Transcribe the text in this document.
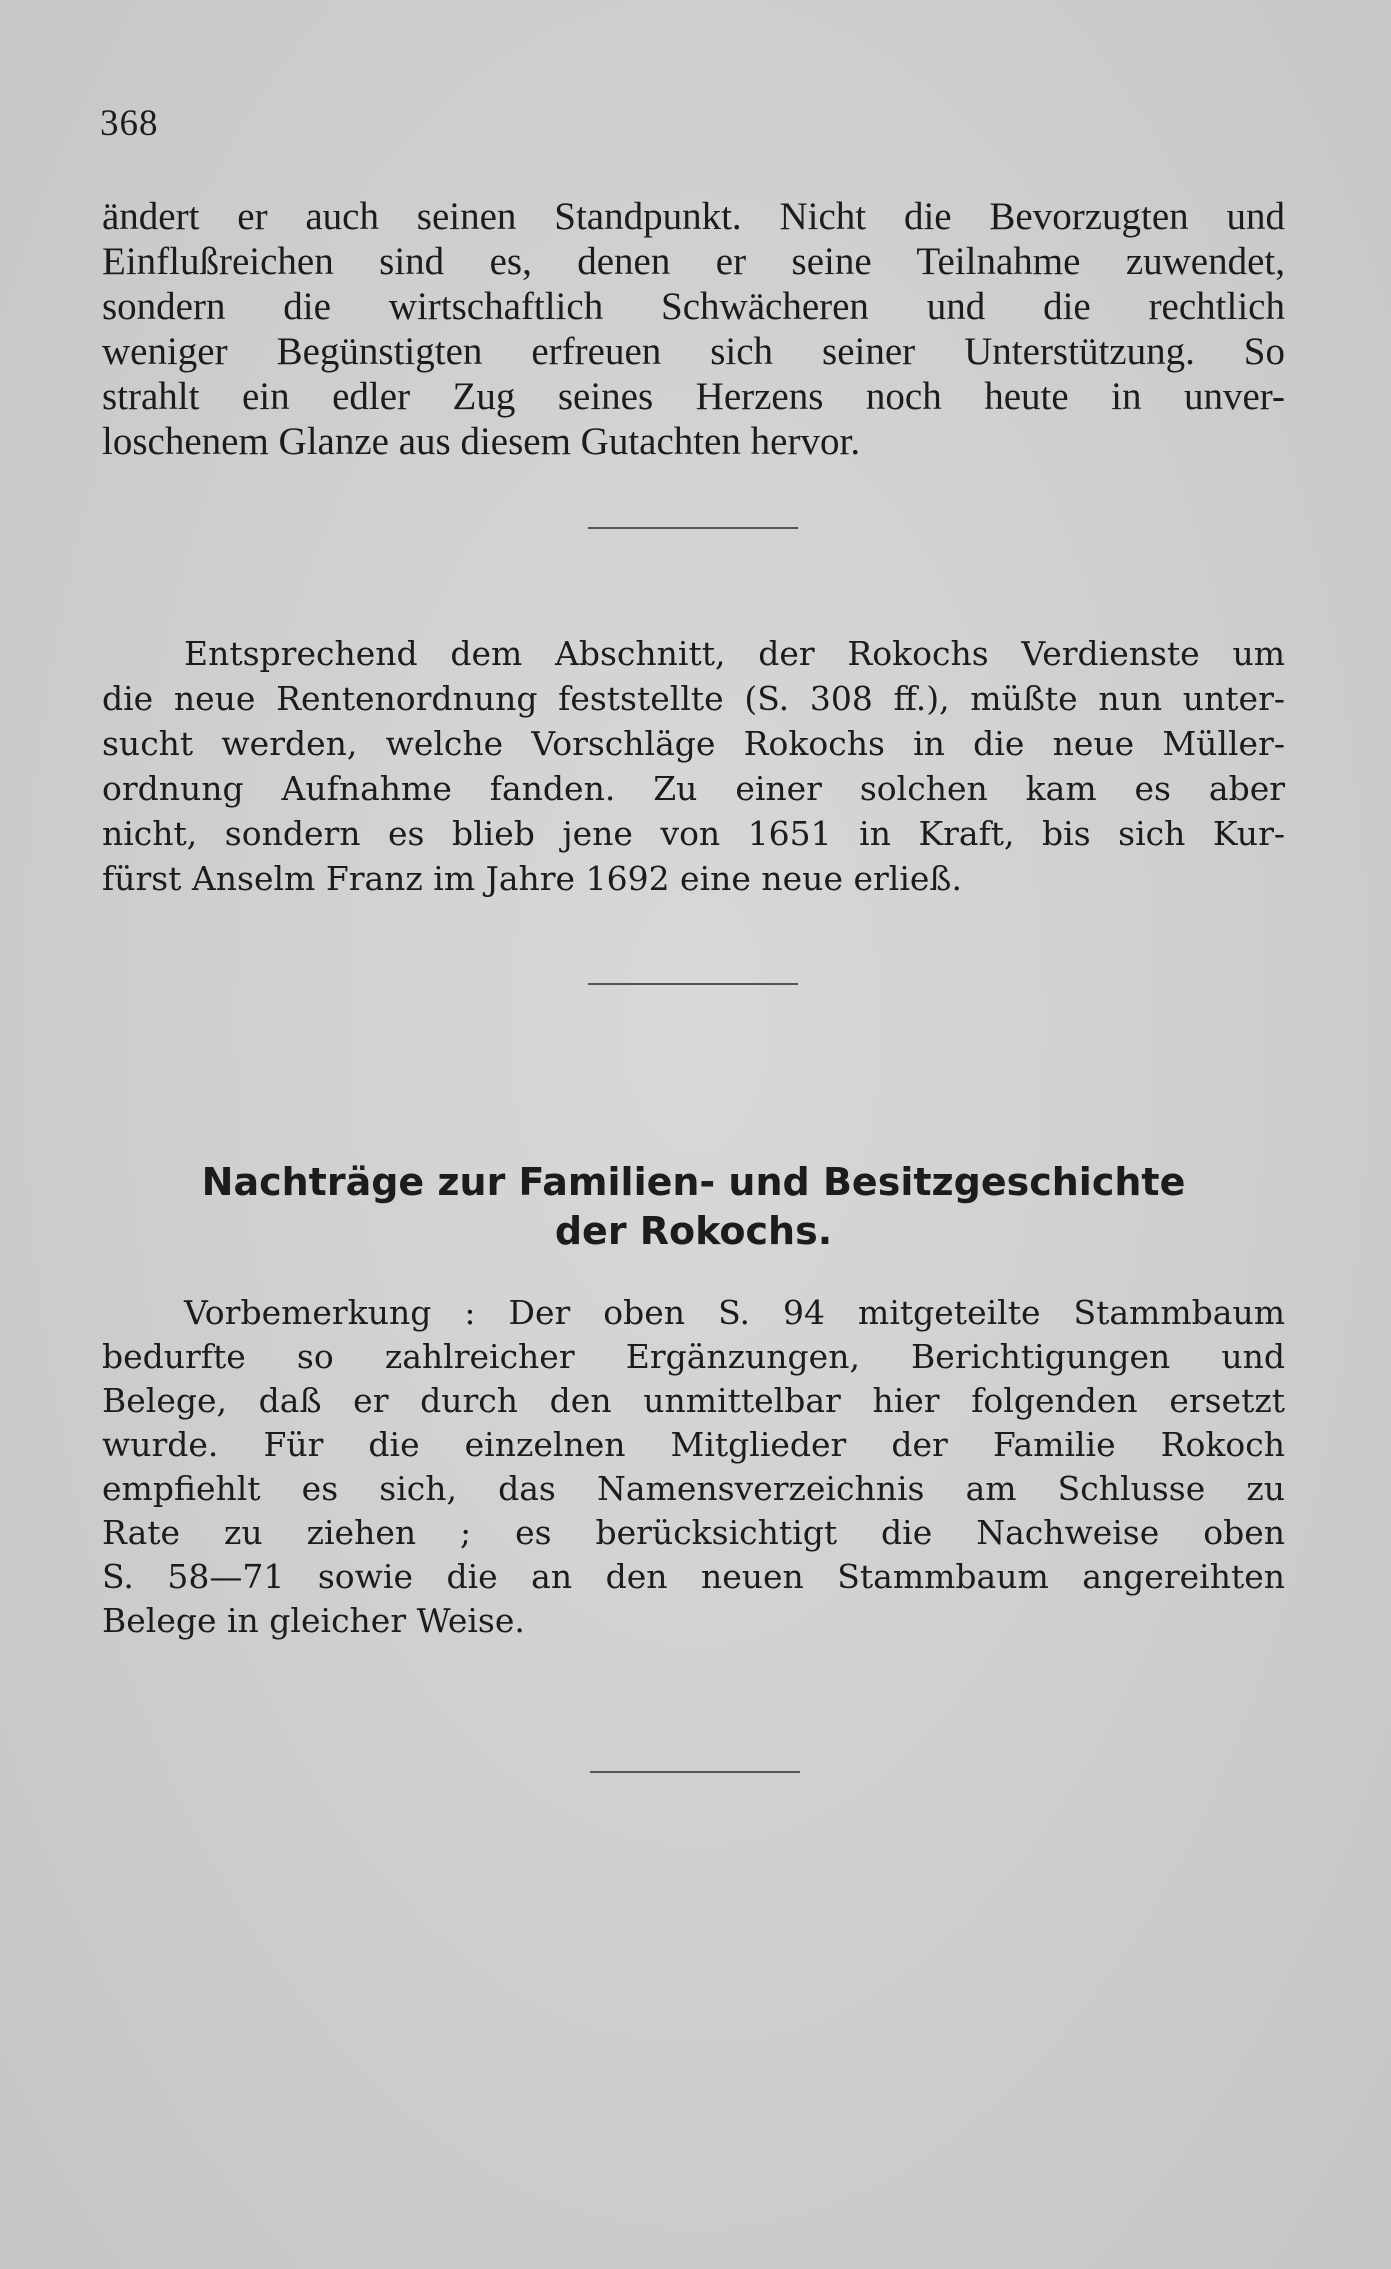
368
ändert er auch seinen Standpunkt. Nicht die Bevorzugten und
Einflußreichen sind es, denen er seine Teilnahme zuwendet,
sondern die wirtschaftlich Schwächeren und die rechtlich
weniger Begünstigten erfreuen sich seiner Unterstützung. So
strahlt ein edler Zug seines Herzens noch heute in unver-
loschenem Glanze aus diesem Gutachten hervor.
Entsprechend dem Abschnitt, der Rokochs Verdienste um
die neue Rentenordnung feststellte (S. 308 ff.), müßte nun unter-
sucht werden, welche Vorschläge Rokochs in die neue Müller-
ordnung Aufnahme fanden. Zu einer solchen kam es aber
nicht, sondern es blieb jene von 1651 in Kraft, bis sich Kur-
fürst Anselm Franz im Jahre 1692 eine neue erließ.
Nachträge zur Familien- und Besitzgeschichte
der Rokochs.
Vorbemerkung : Der oben S. 94 mitgeteilte Stammbaum
bedurfte so zahlreicher Ergänzungen, Berichtigungen und
Belege, daß er durch den unmittelbar hier folgenden ersetzt
wurde. Für die einzelnen Mitglieder der Familie Rokoch
empfiehlt es sich, das Namensverzeichnis am Schlusse zu
Rate zu ziehen ; es berücksichtigt die Nachweise oben
S. 58—71 sowie die an den neuen Stammbaum angereihten
Belege in gleicher Weise.
